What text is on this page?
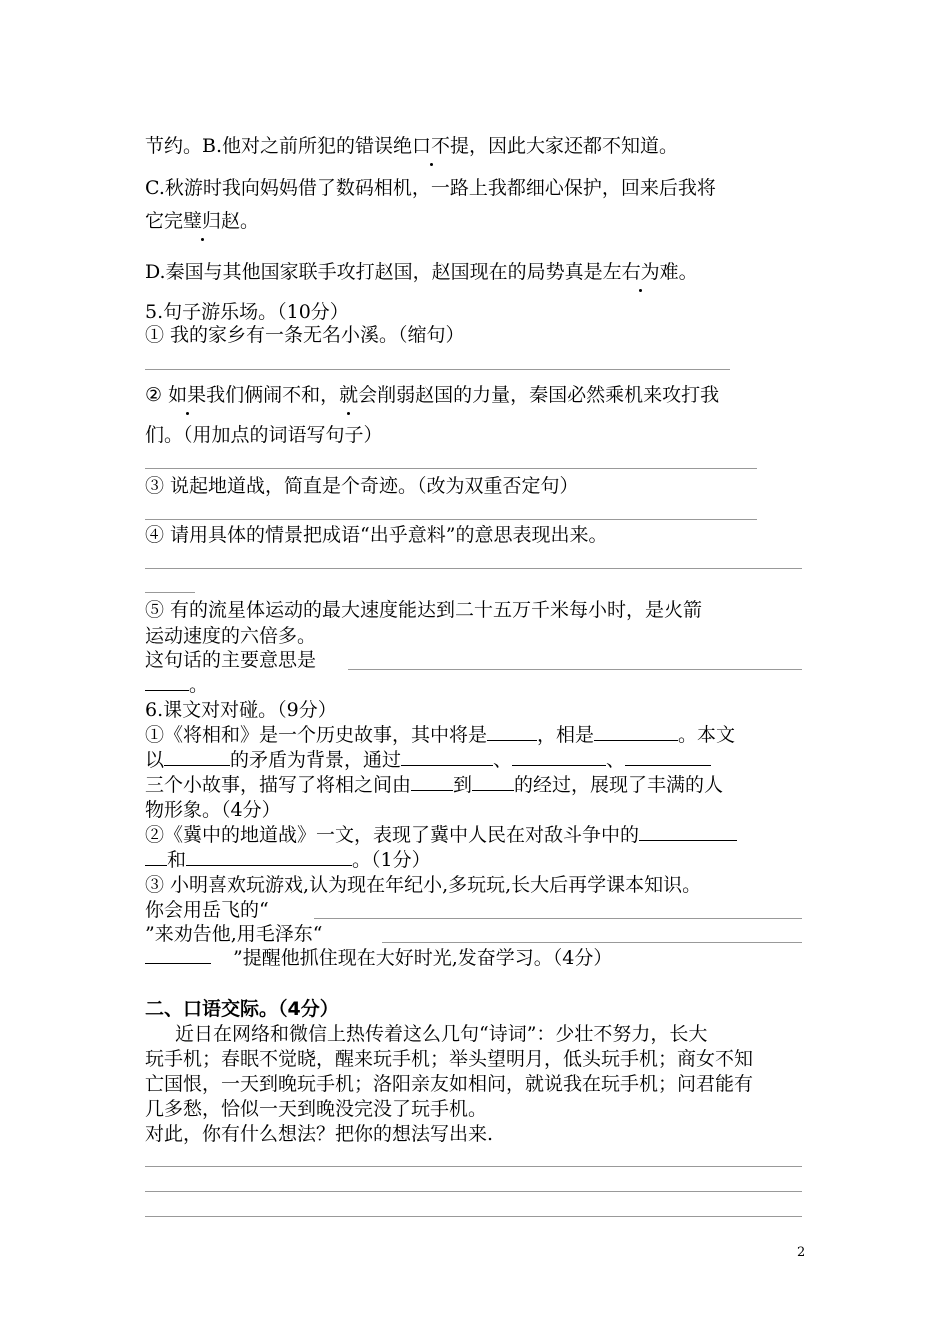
节约。B.他对之前所犯的错误绝口不提，因此大家还都不知道。
C.秋游时我向妈妈借了数码相机，一路上我都细心保护，回来后我将
它完璧归赵。
D.秦国与其他国家联手攻打赵国，赵国现在的局势真是左右为难。
5.句子游乐场。（10分）
① 我的家乡有一条无名小溪。（缩句）
② 如果我们俩闹不和，就会削弱赵国的力量，秦国必然乘机来攻打我
们。（用加点的词语写句子）
③ 说起地道战，简直是个奇迹。（改为双重否定句）
④ 请用具体的情景把成语“出乎意料”的意思表现出来。
⑤ 有的流星体运动的最大速度能达到二十五万千米每小时，是火箭
运动速度的六倍多。
这句话的主要意思是
。
6.课文对对碰。（9分）
①《将相和》是一个历史故事，其中将是	，相是	。本文
以	的矛盾为背景，通过	、	、
三个小故事，描写了将相之间由 到 的经过，展现了丰满的人
物形象。（4分）
②《冀中的地道战》一文，表现了冀中人民在对敌斗争中的
和	。（1分）
③ 小明喜欢玩游戏,认为现在年纪小,多玩玩,长大后再学课本知识。
你会用岳飞的“
”来劝告他,用毛泽东“
”提醒他抓住现在大好时光,发奋学习。（4分）
二、口语交际。（4分）
近日在网络和微信上热传着这么几句“诗词”：少壮不努力，长大
玩手机；春眠不觉晓，醒来玩手机；举头望明月，低头玩手机；商女不知
亡国恨，一天到晚玩手机；洛阳亲友如相问，就说我在玩手机；问君能有
几多愁，恰似一天到晚没完没了玩手机。
对此，你有什么想法？把你的想法写出来.
2
